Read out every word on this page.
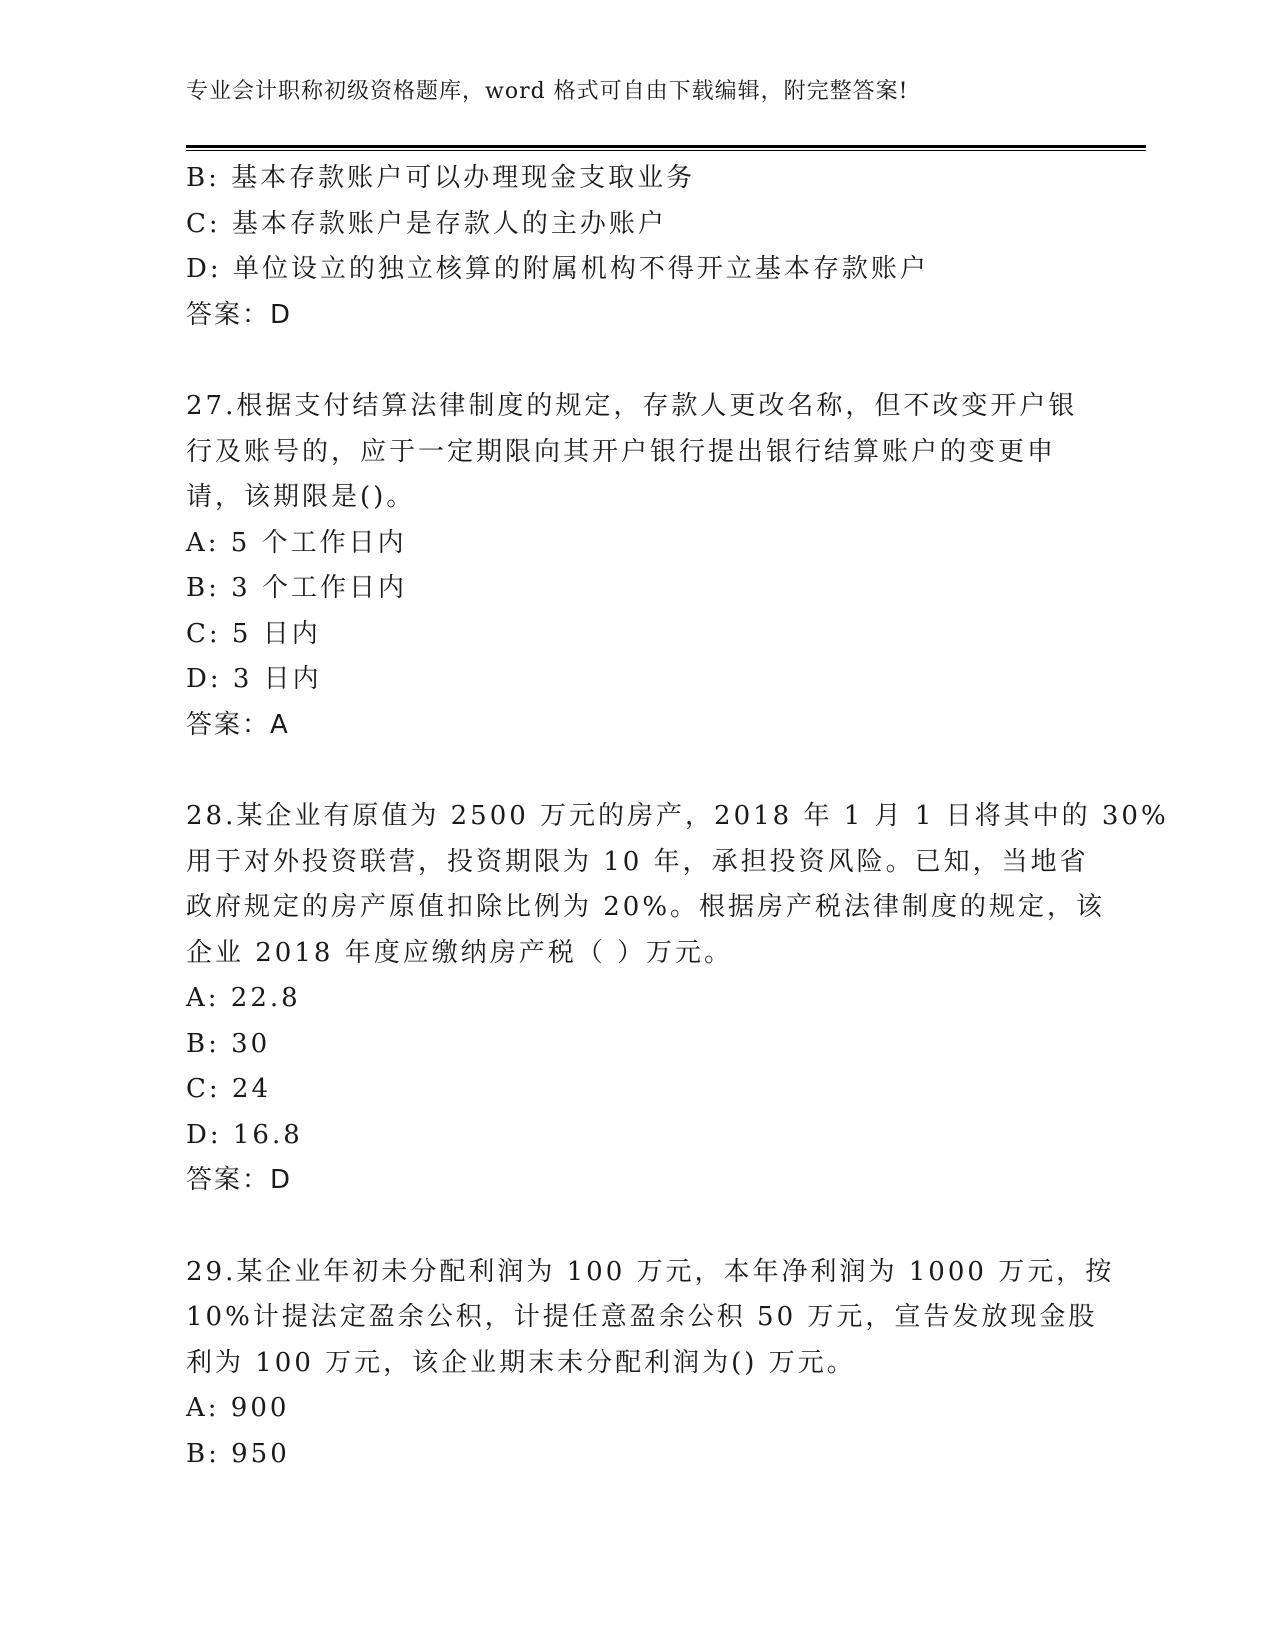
专业会计职称初级资格题库，word 格式可自由下载编辑，附完整答案!
B: 基本存款账户可以办理现金支取业务
C: 基本存款账户是存款人的主办账户
D: 单位设立的独立核算的附属机构不得开立基本存款账户
答案：D
27.根据支付结算法律制度的规定，存款人更改名称，但不改变开户银
行及账号的，应于一定期限向其开户银行提出银行结算账户的变更申
请，该期限是()。
A: 5 个工作日内
B: 3 个工作日内
C: 5 日内
D: 3 日内
答案：A
28.某企业有原值为 2500 万元的房产，2018 年 1 月 1 日将其中的 30%
用于对外投资联营，投资期限为 10 年，承担投资风险。已知，当地省
政府规定的房产原值扣除比例为 20%。根据房产税法律制度的规定，该
企业 2018 年度应缴纳房产税（ ）万元。
A: 22.8
B: 30
C: 24
D: 16.8
答案：D
29.某企业年初未分配利润为 100 万元，本年净利润为 1000 万元，按
10%计提法定盈余公积，计提任意盈余公积 50 万元，宣告发放现金股
利为 100 万元，该企业期末未分配利润为() 万元。
A: 900
B: 950
